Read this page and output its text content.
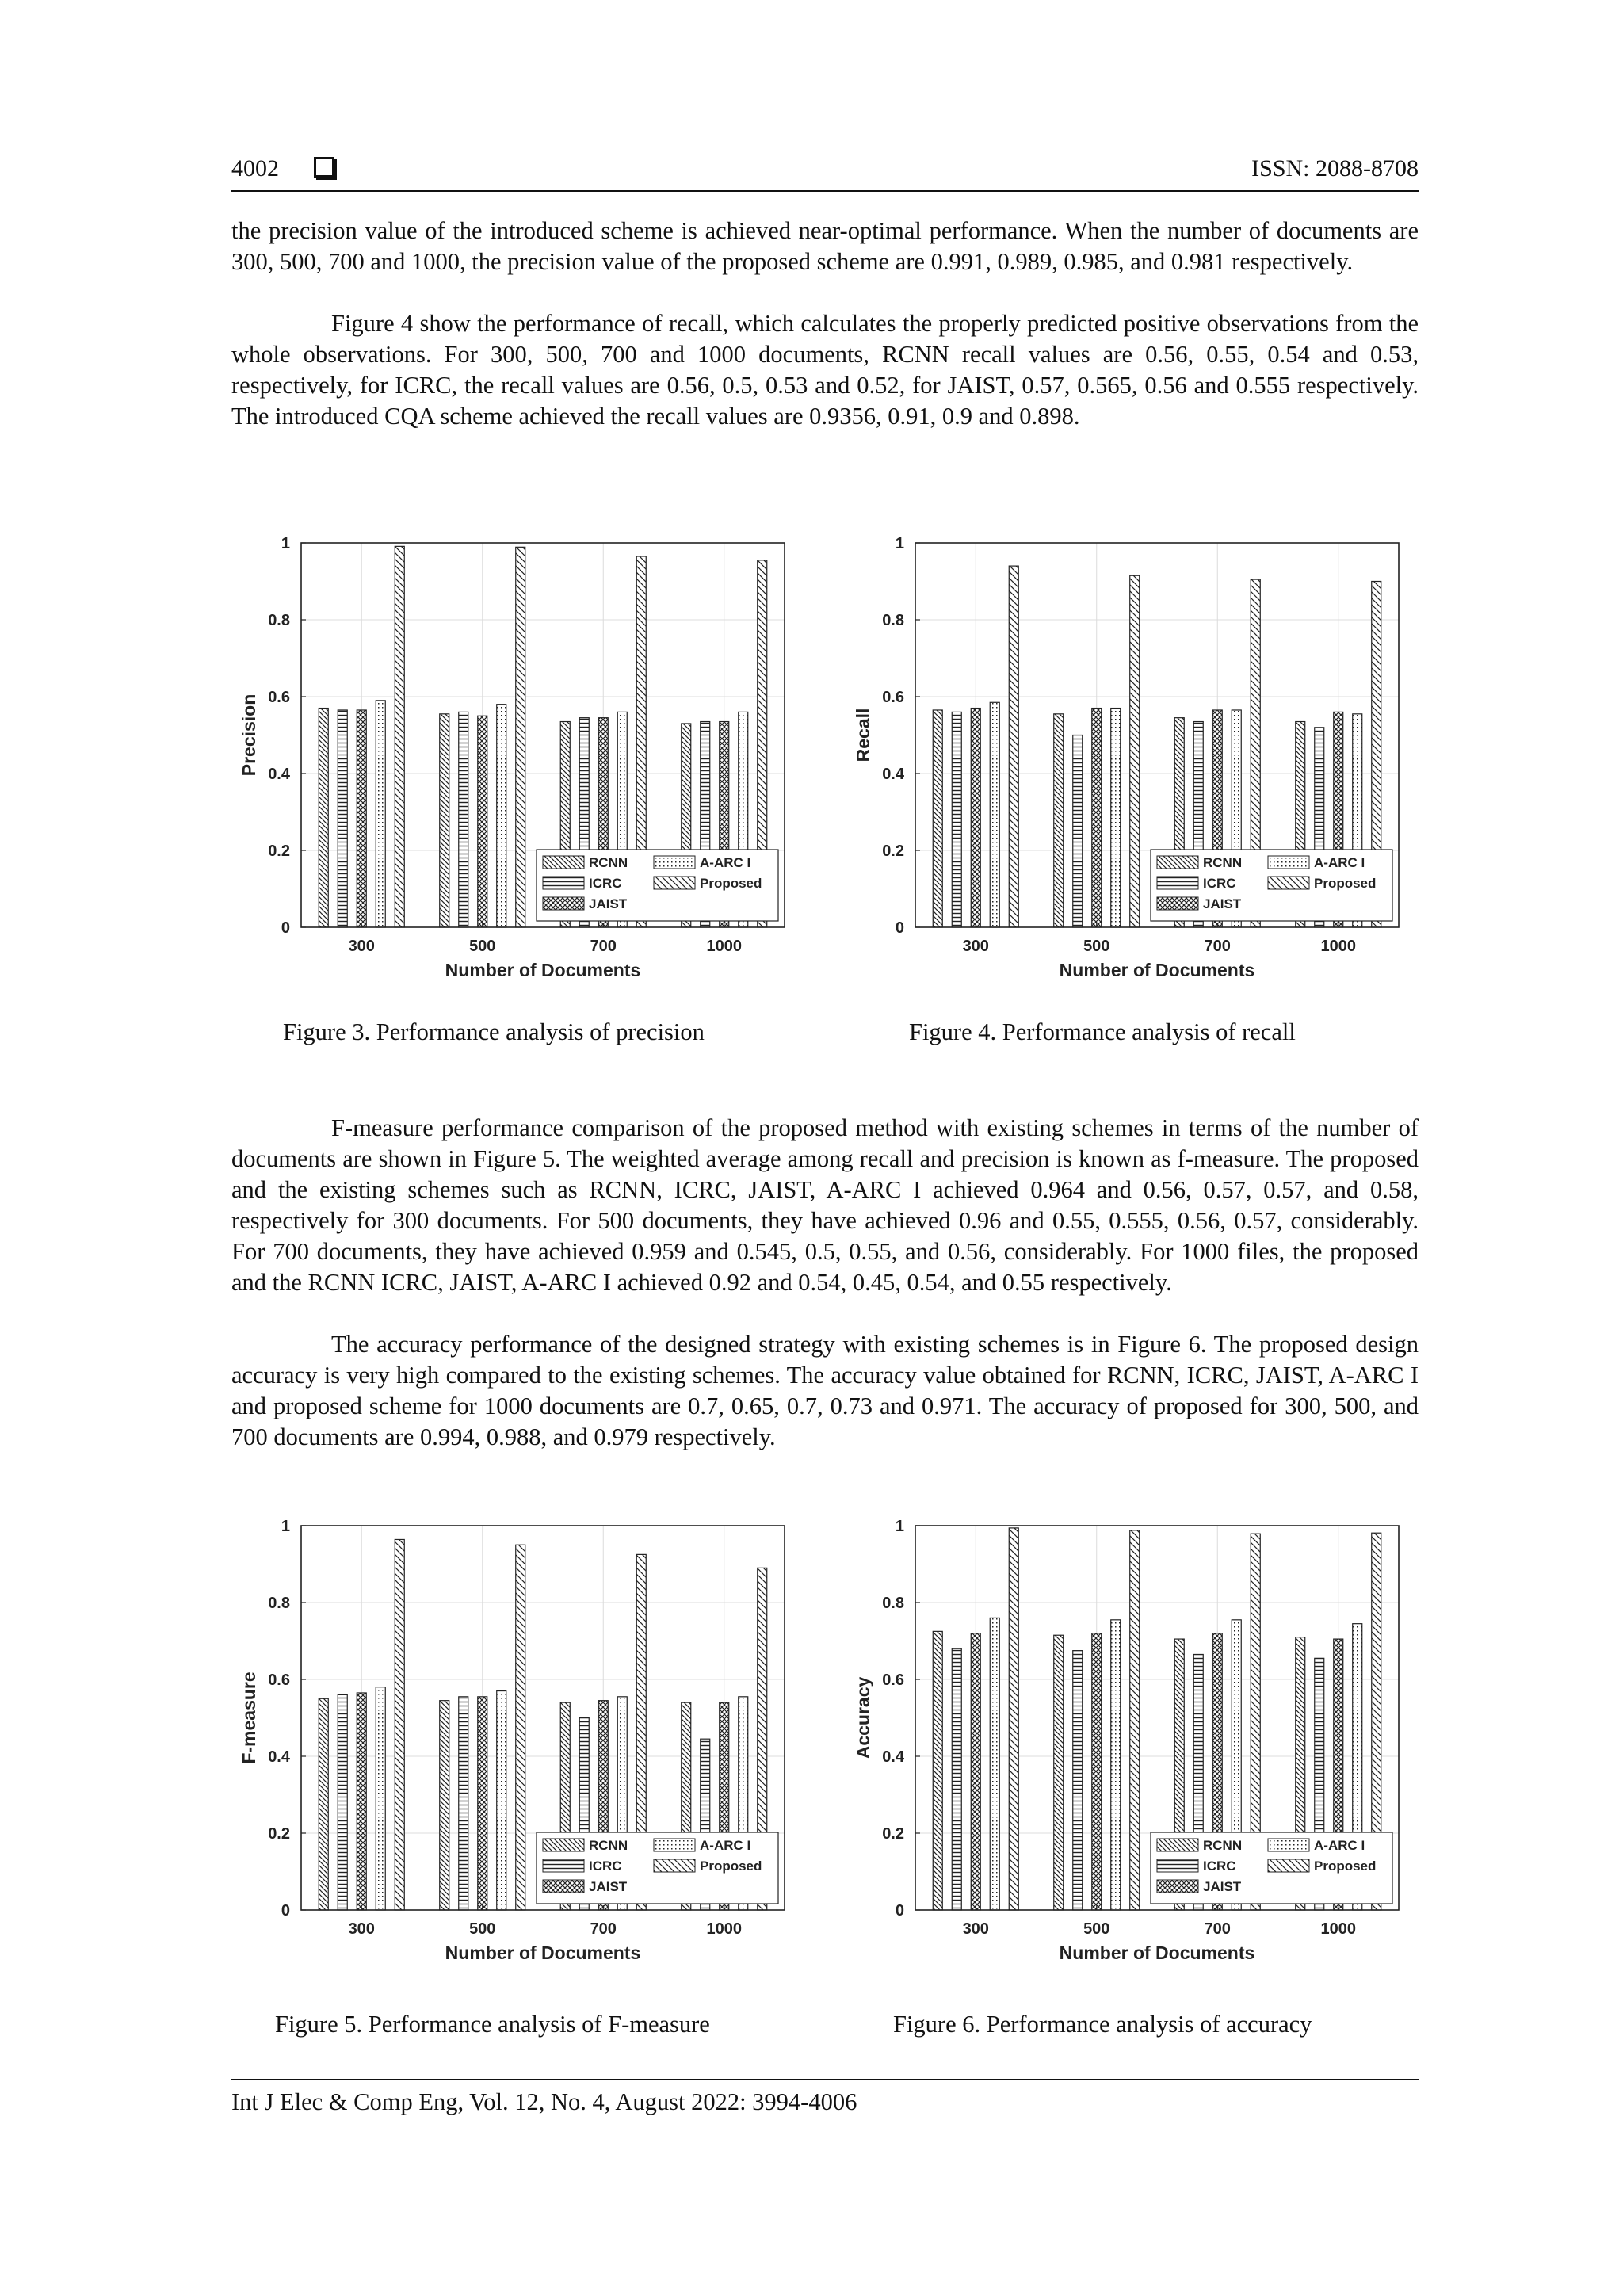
4002	ISSN: 2088-8708

the precision value of the introduced scheme is achieved near-optimal performance. When the number of documents are 300, 500, 700 and 1000, the precision value of the proposed scheme are 0.991, 0.989, 0.985, and 0.981 respectively.

Figure 4 show the performance of recall, which calculates the properly predicted positive observations from the whole observations. For 300, 500, 700 and 1000 documents, RCNN recall values are 0.56, 0.55, 0.54 and 0.53, respectively, for ICRC, the recall values are 0.56, 0.5, 0.53 and 0.52, for JAIST, 0.57, 0.565, 0.56 and 0.555 respectively. The introduced CQA scheme achieved the recall values are 0.9356, 0.91, 0.9 and 0.898.

0
0.2
0.4
0.6
0.8
1
300	500	700	1000
Number of Documents
Precision
RCNN
ICRC
JAIST
A-ARC I
Proposed
0
0.2
0.4
0.6
0.8
1
300	500	700	1000
Number of Documents
Recall
RCNN
ICRC
JAIST
A-ARC I
Proposed
Figure 3. Performance analysis of precision	Figure 4. Performance analysis of recall

F-measure performance comparison of the proposed method with existing schemes in terms of the number of documents are shown in Figure 5. The weighted average among recall and precision is known as f-measure. The proposed and the existing schemes such as RCNN, ICRC, JAIST, A-ARC I achieved 0.964 and 0.56, 0.57, 0.57, and 0.58, respectively for 300 documents. For 500 documents, they have achieved 0.96 and 0.55, 0.555, 0.56, 0.57, considerably. For 700 documents, they have achieved 0.959 and 0.545, 0.5, 0.55, and 0.56, considerably. For 1000 files, the proposed and the RCNN ICRC, JAIST, A-ARC I achieved 0.92 and 0.54, 0.45, 0.54, and 0.55 respectively.

The accuracy performance of the designed strategy with existing schemes is in Figure 6. The proposed design accuracy is very high compared to the existing schemes. The accuracy value obtained for RCNN, ICRC, JAIST, A-ARC I and proposed scheme for 1000 documents are 0.7, 0.65, 0.7, 0.73 and 0.971. The accuracy of proposed for 300, 500, and 700 documents are 0.994, 0.988, and 0.979 respectively.

0
0.2
0.4
0.6
0.8
1
300	500	700	1000
Number of Documents
F-measure
RCNN
ICRC
JAIST
A-ARC I
Proposed
0
0.2
0.4
0.6
0.8
1
300	500	700	1000
Number of Documents
Accuracy
RCNN
ICRC
JAIST
A-ARC I
Proposed
Figure 5. Performance analysis of F-measure	Figure 6. Performance analysis of accuracy
Int J Elec & Comp Eng, Vol. 12, No. 4, August 2022: 3994-4006
